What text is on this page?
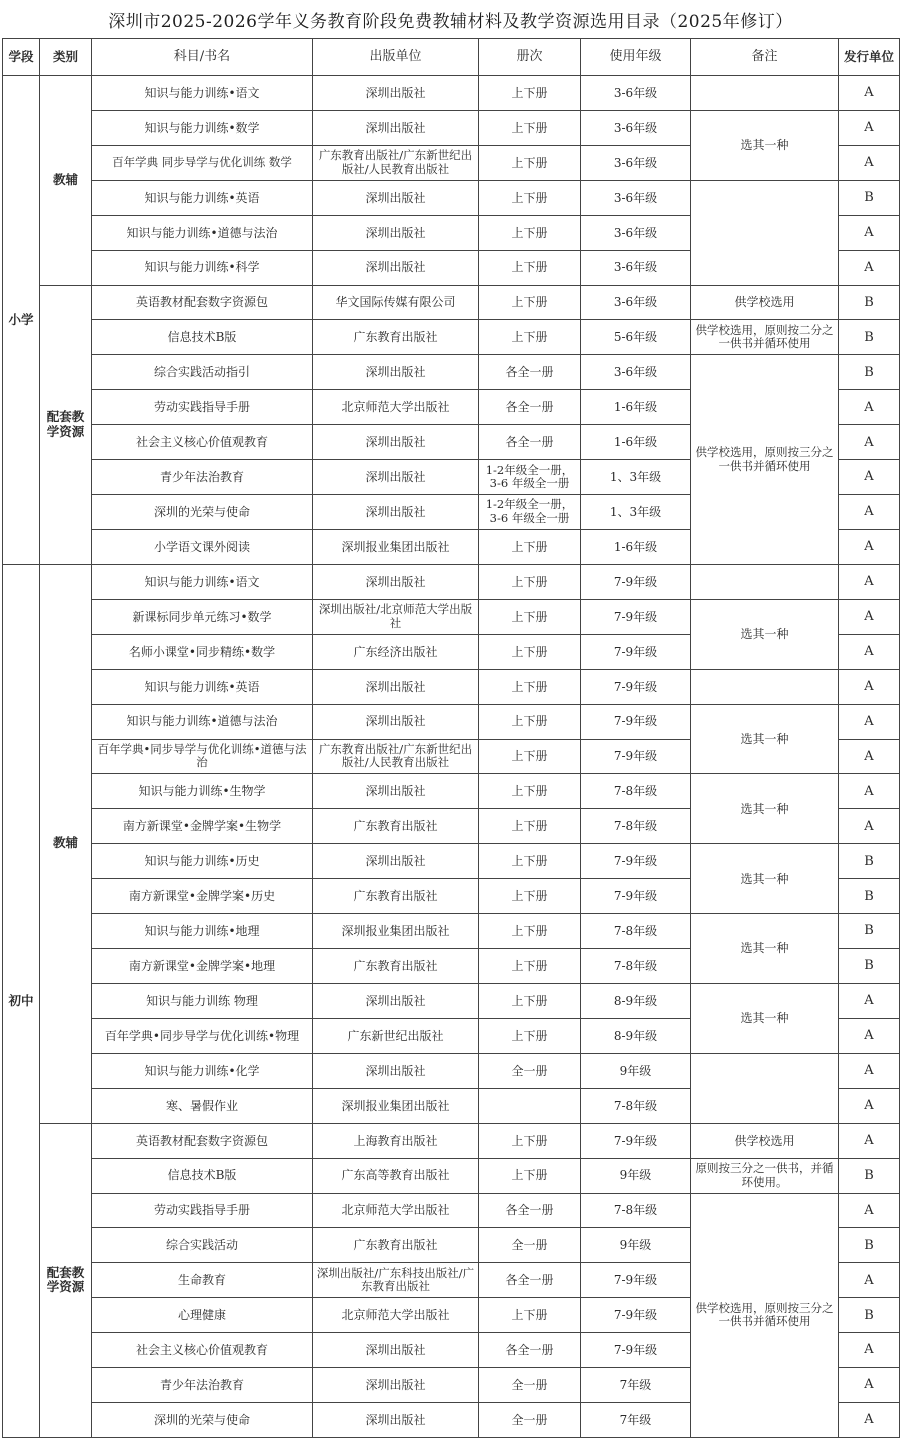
深圳市2025-2026学年义务教育阶段免费教辅材料及教学资源选用目录（2025年修订）
学段	类别	科目/书名	出版单位	册次	使用年级	备注	发行单位
小学	教辅	知识与能力训练•语文	深圳出版社	上下册	3-6年级		A
		知识与能力训练•数学	深圳出版社	上下册	3-6年级	选其一种	A
		百年学典 同步导学与优化训练 数学	广东教育出版社/广东新世纪出版社/人民教育出版社	上下册	3-6年级		A
		知识与能力训练•英语	深圳出版社	上下册	3-6年级		B
		知识与能力训练•道德与法治	深圳出版社	上下册	3-6年级		A
		知识与能力训练•科学	深圳出版社	上下册	3-6年级		A
	配套教学资源	英语教材配套数字资源包	华文国际传媒有限公司	上下册	3-6年级	供学校选用	B
		信息技术B版	广东教育出版社	上下册	5-6年级	供学校选用，原则按二分之一供书并循环使用	B
		综合实践活动指引	深圳出版社	各全一册	3-6年级	供学校选用，原则按三分之一供书并循环使用	B
		劳动实践指导手册	北京师范大学出版社	各全一册	1-6年级		A
		社会主义核心价值观教育	深圳出版社	各全一册	1-6年级		A
		青少年法治教育	深圳出版社	1-2年级全一册，3-6 年级全一册	1、3年级		A
		深圳的光荣与使命	深圳出版社	1-2年级全一册，3-6 年级全一册	1、3年级		A
		小学语文课外阅读	深圳报业集团出版社	上下册	1-6年级		A
初中	教辅	知识与能力训练•语文	深圳出版社	上下册	7-9年级		A
		新课标同步单元练习•数学	深圳出版社/北京师范大学出版社	上下册	7-9年级	选其一种	A
		名师小课堂•同步精练•数学	广东经济出版社	上下册	7-9年级		A
		知识与能力训练•英语	深圳出版社	上下册	7-9年级		A
		知识与能力训练•道德与法治	深圳出版社	上下册	7-9年级	选其一种	A
		百年学典•同步导学与优化训练•道德与法治	广东教育出版社/广东新世纪出版社/人民教育出版社	上下册	7-9年级		A
		知识与能力训练•生物学	深圳出版社	上下册	7-8年级	选其一种	A
		南方新课堂•金牌学案•生物学	广东教育出版社	上下册	7-8年级		A
		知识与能力训练•历史	深圳出版社	上下册	7-9年级	选其一种	B
		南方新课堂•金牌学案•历史	广东教育出版社	上下册	7-9年级		B
		知识与能力训练•地理	深圳报业集团出版社	上下册	7-8年级	选其一种	B
		南方新课堂•金牌学案•地理	广东教育出版社	上下册	7-8年级		B
		知识与能力训练 物理	深圳出版社	上下册	8-9年级	选其一种	A
		百年学典•同步导学与优化训练•物理	广东新世纪出版社	上下册	8-9年级		A
		知识与能力训练•化学	深圳出版社	全一册	9年级		A
		寒、暑假作业	深圳报业集团出版社		7-8年级		A
	配套教学资源	英语教材配套数字资源包	上海教育出版社	上下册	7-9年级	供学校选用	A
		信息技术B版	广东高等教育出版社	上下册	9年级	原则按三分之一供书，并循环使用。	B
		劳动实践指导手册	北京师范大学出版社	各全一册	7-8年级	供学校选用，原则按三分之一供书并循环使用	A
		综合实践活动	广东教育出版社	全一册	9年级		B
		生命教育	深圳出版社/广东科技出版社/广东教育出版社	各全一册	7-9年级		A
		心理健康	北京师范大学出版社	上下册	7-9年级		B
		社会主义核心价值观教育	深圳出版社	各全一册	7-9年级		A
		青少年法治教育	深圳出版社	全一册	7年级		A
		深圳的光荣与使命	深圳出版社	全一册	7年级		A
